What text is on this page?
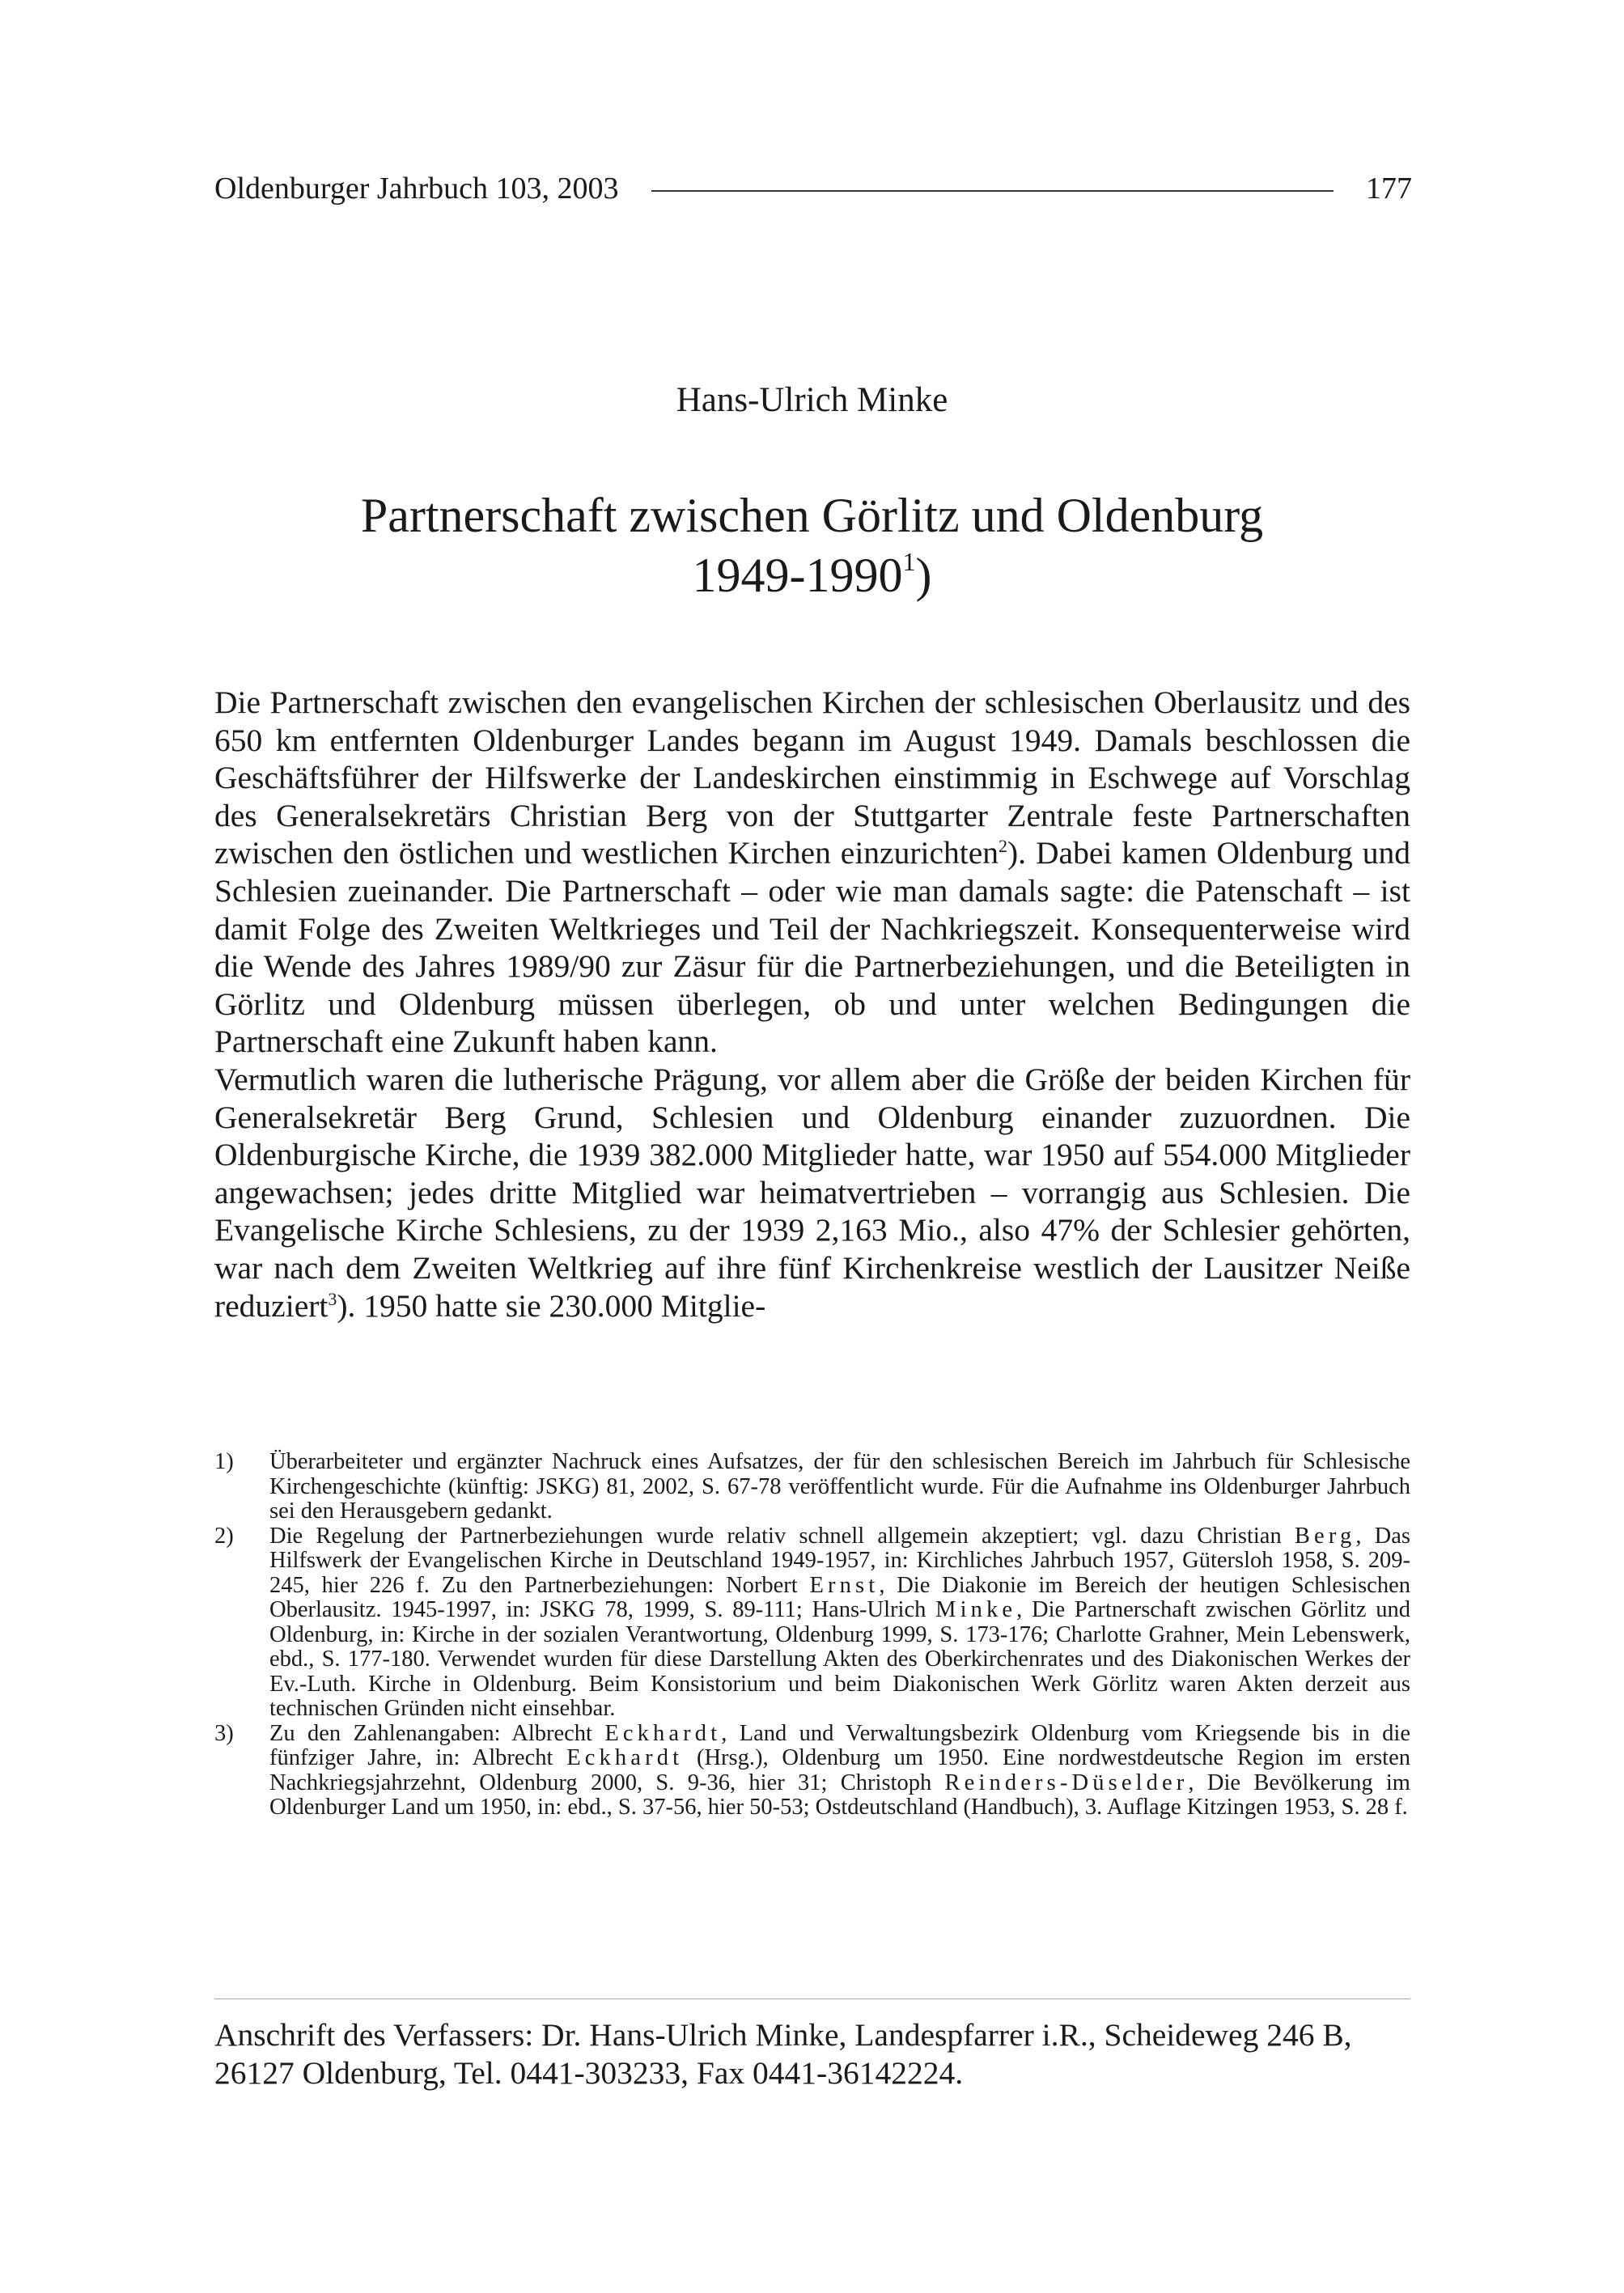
Oldenburger Jahrbuch 103, 2003	177
Hans-Ulrich Minke
Partnerschaft zwischen Görlitz und Oldenburg
1949-1990$^1$)

Die Partnerschaft zwischen den evangelischen Kirchen der schlesischen Oberlausitz und des 650 km entfernten Oldenburger Landes begann im August 1949. Damals beschlossen die Geschäftsführer der Hilfswerke der Landeskirchen einstimmig in Eschwege auf Vorschlag des Generalsekretärs Christian Berg von der Stuttgarter Zentrale feste Partnerschaften zwischen den östlichen und westlichen Kirchen einzurichten$^2$). Dabei kamen Oldenburg und Schlesien zueinander. Die Partnerschaft – oder wie man damals sagte: die Patenschaft – ist damit Folge des Zweiten Weltkrieges und Teil der Nachkriegszeit. Konsequenterweise wird die Wende des Jahres 1989/90 zur Zäsur für die Partnerbeziehungen, und die Beteiligten in Görlitz und Oldenburg müssen überlegen, ob und unter welchen Bedingungen die Partnerschaft eine Zukunft haben kann.

Vermutlich waren die lutherische Prägung, vor allem aber die Größe der beiden Kirchen für Generalsekretär Berg Grund, Schlesien und Oldenburg einander zuzuordnen. Die Oldenburgische Kirche, die 1939 382.000 Mitglieder hatte, war 1950 auf 554.000 Mitglieder angewachsen; jedes dritte Mitglied war heimatvertrieben – vorrangig aus Schlesien. Die Evangelische Kirche Schlesiens, zu der 1939 2,163 Mio., also 47% der Schlesier gehörten, war nach dem Zweiten Weltkrieg auf ihre fünf Kirchenkreise westlich der Lausitzer Neiße reduziert$^3$). 1950 hatte sie 230.000 Mitglie-

1)	Überarbeiteter und ergänzter Nachruck eines Aufsatzes, der für den schlesischen Bereich im Jahrbuch für Schlesische Kirchengeschichte (künftig: JSKG) 81, 2002, S. 67-78 veröffentlicht wurde. Für die Aufnahme ins Oldenburger Jahrbuch sei den Herausgebern gedankt.
2)	Die Regelung der Partnerbeziehungen wurde relativ schnell allgemein akzeptiert; vgl. dazu Christian Berg, Das Hilfswerk der Evangelischen Kirche in Deutschland 1949-1957, in: Kirchliches Jahrbuch 1957, Gütersloh 1958, S. 209-245, hier 226 f. Zu den Partnerbeziehungen: Norbert Ernst, Die Diakonie im Bereich der heutigen Schlesischen Oberlausitz. 1945-1997, in: JSKG 78, 1999, S. 89-111; Hans-Ulrich Minke, Die Partnerschaft zwischen Görlitz und Oldenburg, in: Kirche in der sozialen Verantwortung, Oldenburg 1999, S. 173-176; Charlotte Grahner, Mein Lebenswerk, ebd., S. 177-180. Verwendet wurden für diese Darstellung Akten des Oberkirchenrates und des Diakonischen Werkes der Ev.-Luth. Kirche in Oldenburg. Beim Konsistorium und beim Diakonischen Werk Görlitz waren Akten derzeit aus technischen Gründen nicht einsehbar.
3)	Zu den Zahlenangaben: Albrecht Eckhardt, Land und Verwaltungsbezirk Oldenburg vom Kriegsende bis in die fünfziger Jahre, in: Albrecht Eckhardt (Hrsg.), Oldenburg um 1950. Eine nordwestdeutsche Region im ersten Nachkriegsjahrzehnt, Oldenburg 2000, S. 9-36, hier 31; Christoph Reinders-Düselder, Die Bevölkerung im Oldenburger Land um 1950, in: ebd., S. 37-56, hier 50-53; Ostdeutschland (Handbuch), 3. Auflage Kitzingen 1953, S. 28 f.
Anschrift des Verfassers: Dr. Hans-Ulrich Minke, Landespfarrer i.R., Scheideweg 246 B,
26127 Oldenburg, Tel. 0441-303233, Fax 0441-36142224.
